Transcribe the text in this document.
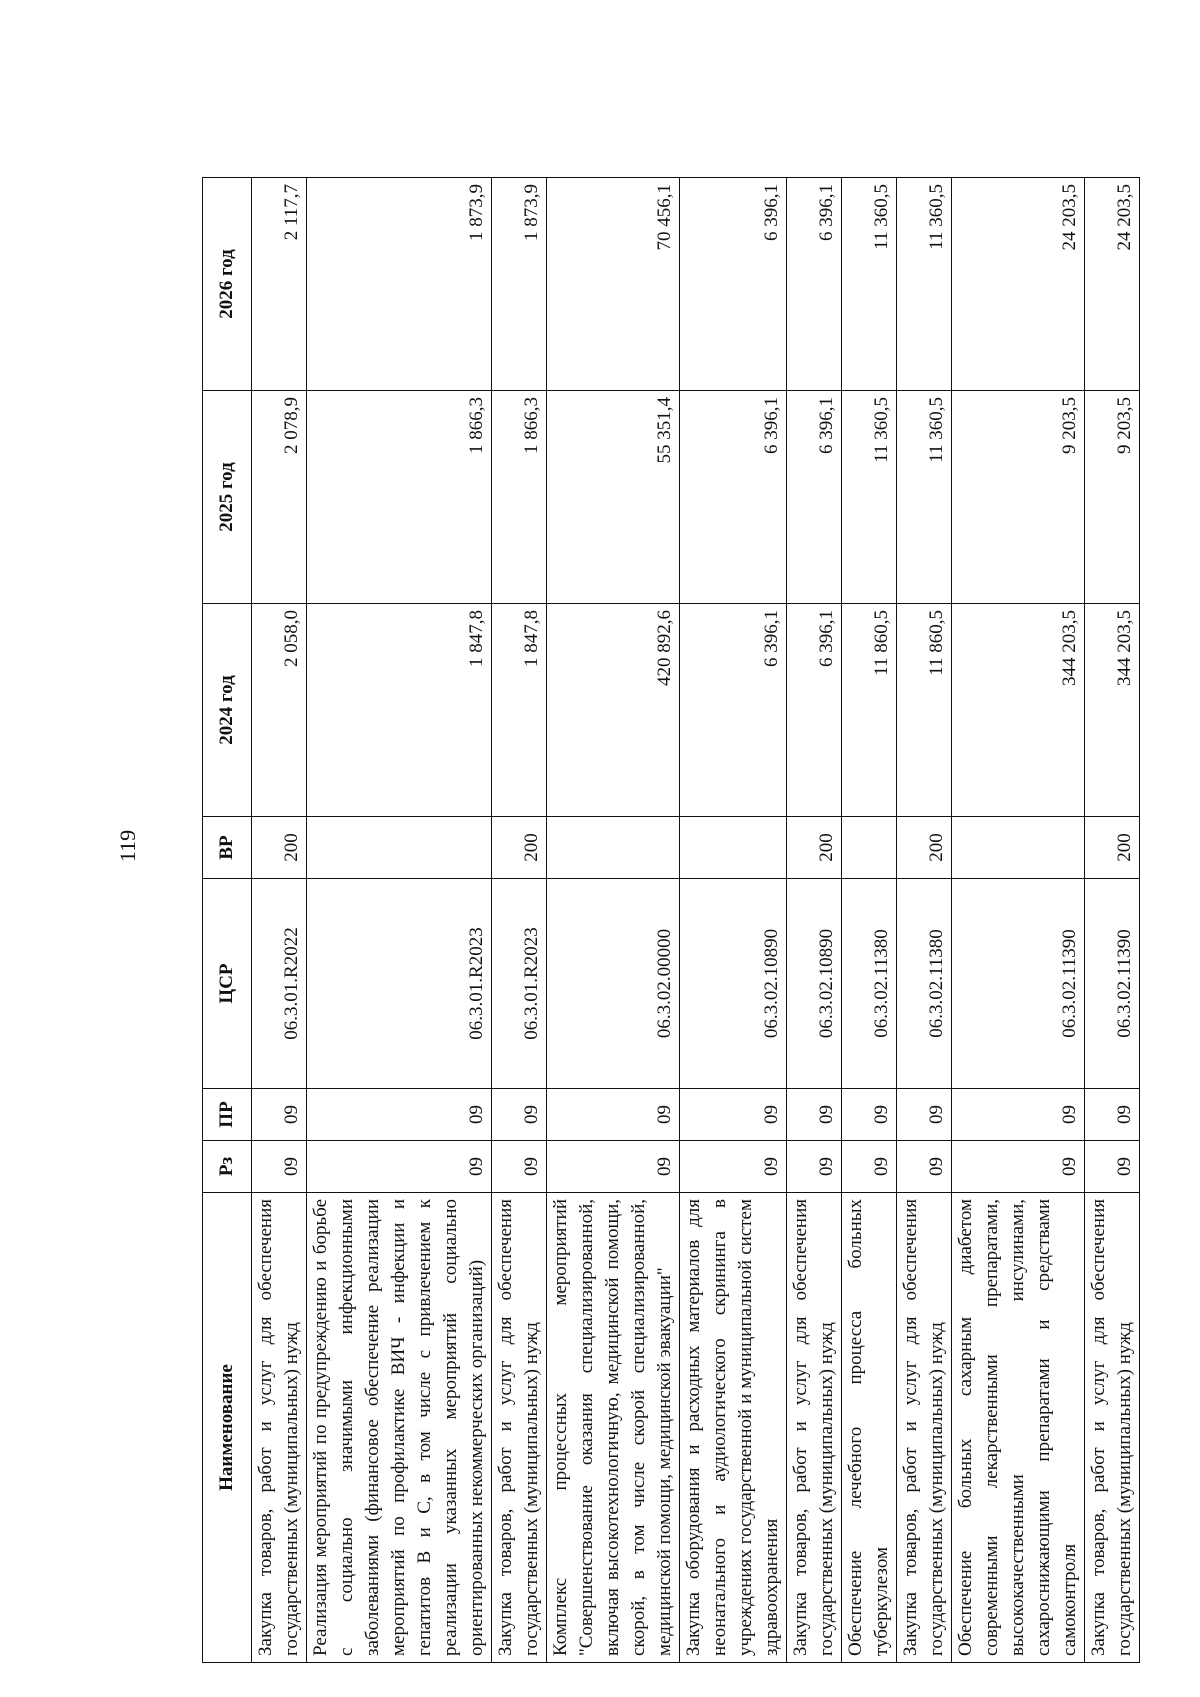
119
Наименование	Рз	ПР	ЦСР	ВР	2024 год	2025 год	2026 год
Закупка товаров, работ и услуг для обеспечения государственных (муниципальных) нужд	09	09	06.3.01.R2022	200	2 058,0	2 078,9	2 117,7
Реализация мероприятий по предупреждению и борьбе с социально значимыми инфекционными заболеваниями (финансовое обеспечение реализации мероприятий по профилактике ВИЧ - инфекции и гепатитов В и С, в том числе с привлечением к реализации указанных мероприятий социально ориентированных некоммерческих организаций)	09	09	06.3.01.R2023		1 847,8	1 866,3	1 873,9
Закупка товаров, работ и услуг для обеспечения государственных (муниципальных) нужд	09	09	06.3.01.R2023	200	1 847,8	1 866,3	1 873,9
Комплекс процессных мероприятий "Совершенствование оказания специализированной, включая высокотехнологичную, медицинской помощи, скорой, в том числе скорой специализированной, медицинской помощи, медицинской эвакуации"	09	09	06.3.02.00000		420 892,6	55 351,4	70 456,1
Закупка оборудования и расходных материалов для неонатального и аудиологического скрининга в учреждениях государственной и муниципальной систем здравоохранения	09	09	06.3.02.10890		6 396,1	6 396,1	6 396,1
Закупка товаров, работ и услуг для обеспечения государственных (муниципальных) нужд	09	09	06.3.02.10890	200	6 396,1	6 396,1	6 396,1
Обеспечение лечебного процесса больных туберкулезом	09	09	06.3.02.11380		11 860,5	11 360,5	11 360,5
Закупка товаров, работ и услуг для обеспечения государственных (муниципальных) нужд	09	09	06.3.02.11380	200	11 860,5	11 360,5	11 360,5
Обеспечение больных сахарным диабетом современными лекарственными препаратами, высококачественными инсулинами, сахароснижающими препаратами и средствами самоконтроля	09	09	06.3.02.11390		344 203,5	9 203,5	24 203,5
Закупка товаров, работ и услуг для обеспечения государственных (муниципальных) нужд	09	09	06.3.02.11390	200	344 203,5	9 203,5	24 203,5
